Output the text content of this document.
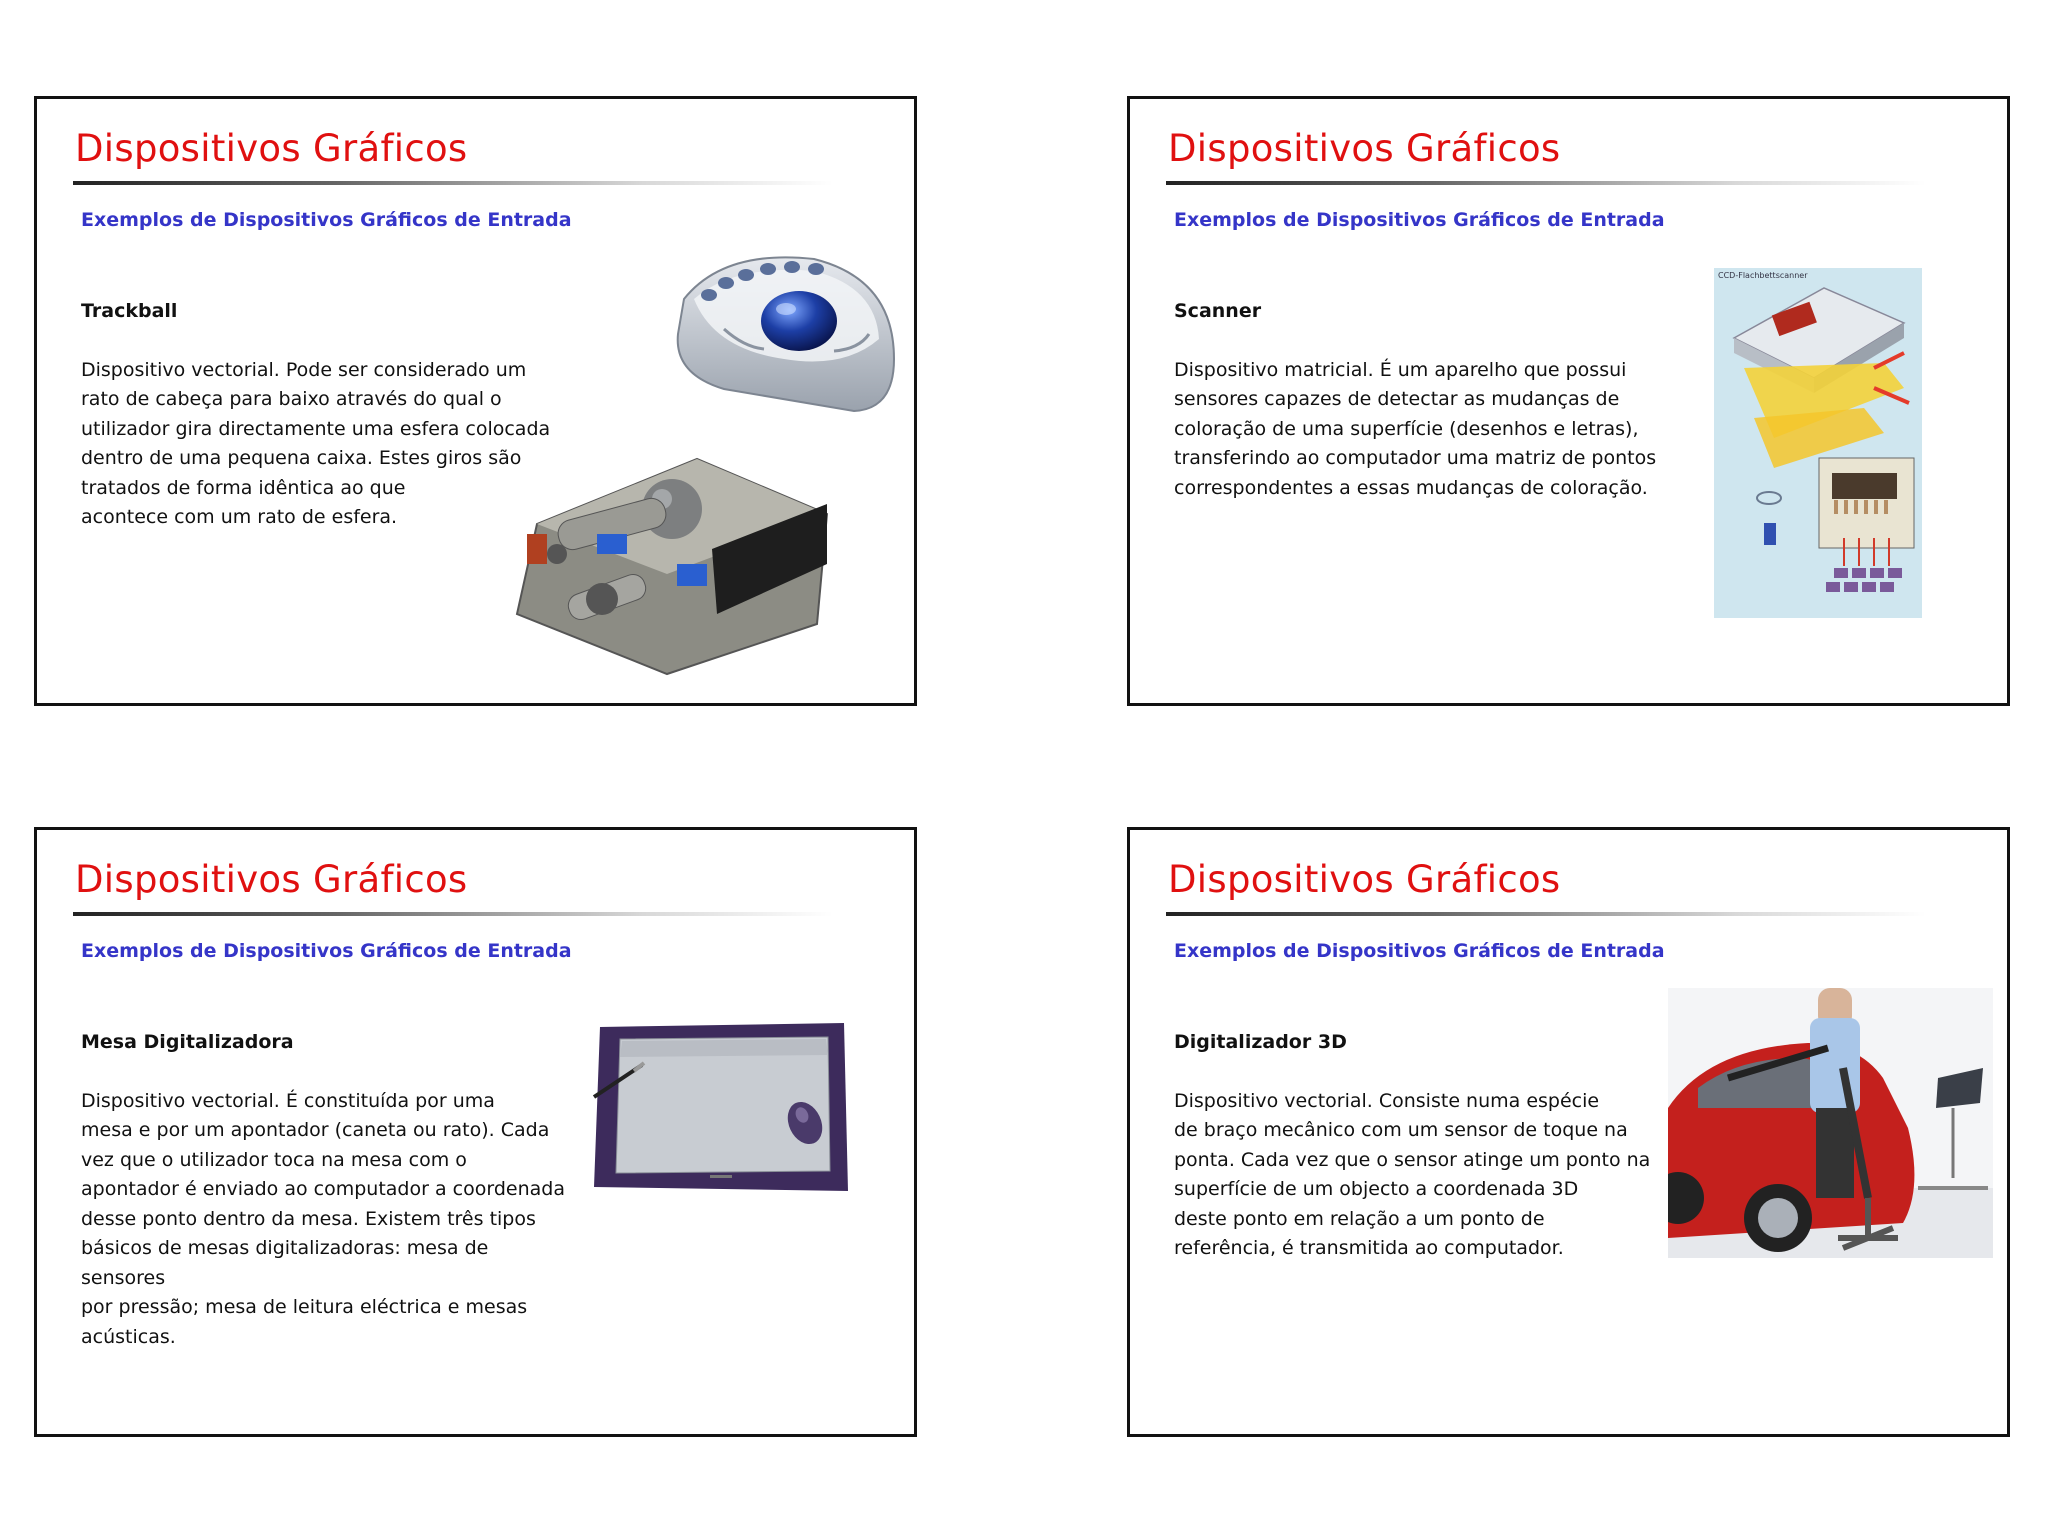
Dispositivos Gráficos
Exemplos de Dispositivos Gráficos de Entrada

Trackball

Dispositivo vectorial. Pode ser considerado um
rato de cabeça para baixo através do qual o
utilizador gira directamente uma esfera colocada
dentro de uma pequena caixa. Estes giros são
tratados de forma idêntica ao que
acontece com um rato de esfera.

Dispositivos Gráficos
Exemplos de Dispositivos Gráficos de Entrada

Scanner

Dispositivo matricial. É um aparelho que possui
sensores capazes de detectar as mudanças de
coloração de uma superfície (desenhos e letras),
transferindo ao computador uma matriz de pontos
correspondentes a essas mudanças de coloração.

CCD-Flachbettscanner
Dispositivos Gráficos
Exemplos de Dispositivos Gráficos de Entrada

Mesa Digitalizadora

Dispositivo vectorial. É constituída por uma
mesa e por um apontador (caneta ou rato). Cada
vez que o utilizador toca na mesa com o
apontador é enviado ao computador a coordenada
desse ponto dentro da mesa. Existem três tipos
básicos de mesas digitalizadoras: mesa de sensores
por pressão; mesa de leitura eléctrica e mesas
acústicas.

Dispositivos Gráficos
Exemplos de Dispositivos Gráficos de Entrada

Digitalizador 3D

Dispositivo vectorial. Consiste numa espécie
de braço mecânico com um sensor de toque na
ponta. Cada vez que o sensor atinge um ponto na
superfície de um objecto a coordenada 3D
deste ponto em relação a um ponto de
referência, é transmitida ao computador.
